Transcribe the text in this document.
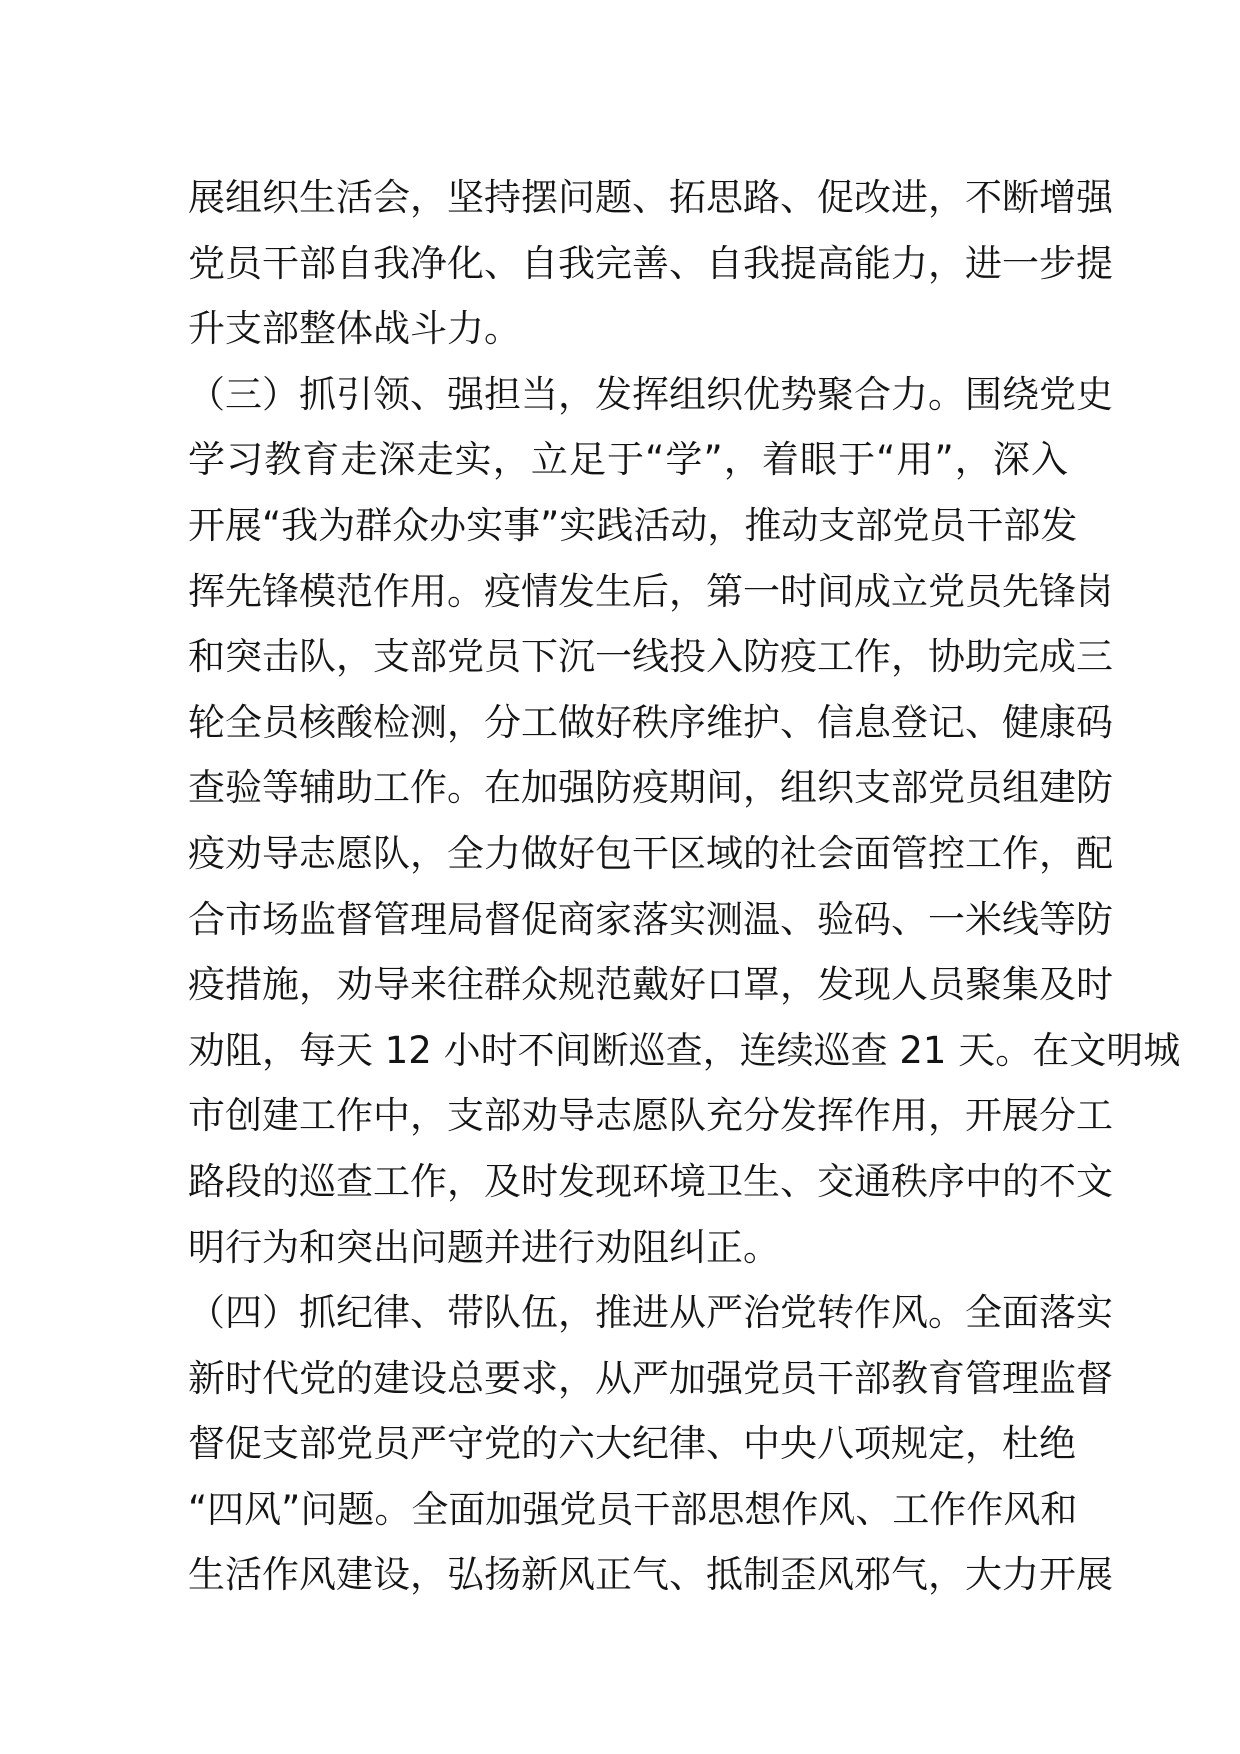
展组织生活会，坚持摆问题、拓思路、促改进，不断增强
党员干部自我净化、自我完善、自我提高能力，进一步提
升支部整体战斗力。
（三）抓引领、强担当，发挥组织优势聚合力。围绕党史
学习教育走深走实，立足于“学”，着眼于“用”，深入
开展“我为群众办实事”实践活动，推动支部党员干部发
挥先锋模范作用。疫情发生后，第一时间成立党员先锋岗
和突击队，支部党员下沉一线投入防疫工作，协助完成三
轮全员核酸检测，分工做好秩序维护、信息登记、健康码
查验等辅助工作。在加强防疫期间，组织支部党员组建防
疫劝导志愿队，全力做好包干区域的社会面管控工作，配
合市场监督管理局督促商家落实测温、验码、一米线等防
疫措施，劝导来往群众规范戴好口罩，发现人员聚集及时
劝阻，每天 12 小时不间断巡查，连续巡查 21 天。在文明城
市创建工作中，支部劝导志愿队充分发挥作用，开展分工
路段的巡查工作，及时发现环境卫生、交通秩序中的不文
明行为和突出问题并进行劝阻纠正。
（四）抓纪律、带队伍，推进从严治党转作风。全面落实
新时代党的建设总要求，从严加强党员干部教育管理监督
督促支部党员严守党的六大纪律、中央八项规定，杜绝
“四风”问题。全面加强党员干部思想作风、工作作风和
生活作风建设，弘扬新风正气、抵制歪风邪气，大力开展
